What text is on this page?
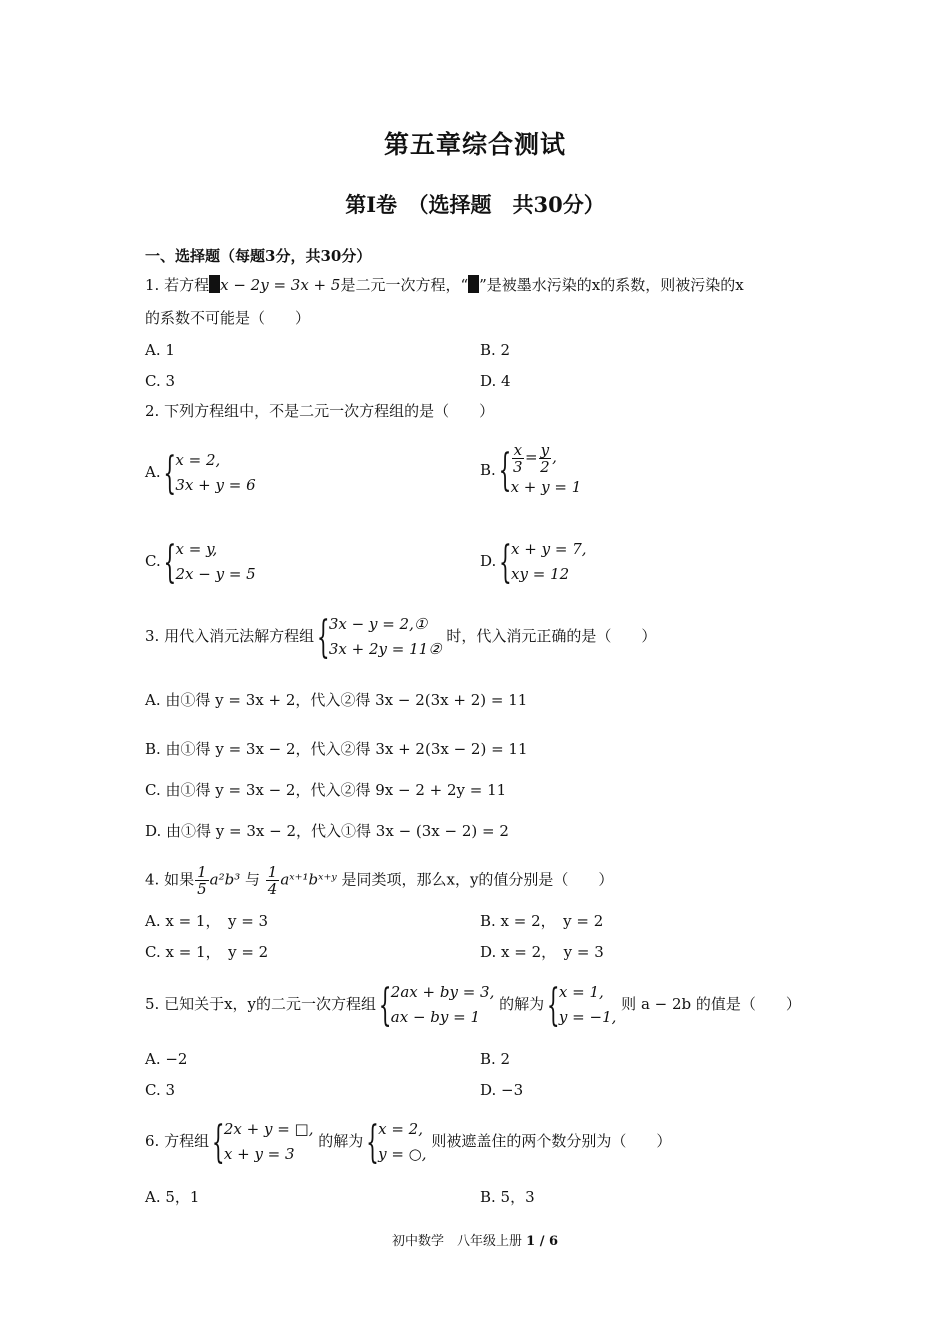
第五章综合测试
第Ⅰ卷　（选择题　共30分）
一、选择题（每题3分，共30分）
1. 若方程 x − 2y = 3x + 5是二元一次方程，“ ”是被墨水污染的x的系数，则被污染的x
的系数不可能是（　　）
A. 1	B. 2
C. 3	D. 4
2. 下列方程组中，不是二元一次方程组的是（　　）
A.
{ x = 2,
3x + y = 6
B.
{ $\frac{x}{3} = \frac{y}{2}$ ,
x + y = 1
C.
{ x = y,
2x − y = 5
D.
{ x + y = 7,
xy = 12
3. 用代入消元法解方程组
{ 3x − y = 2,①
3x + 2y = 11②
时，代入消元正确的是（　　）
A. 由①得 y = 3x + 2，代入②得 3x − 2(3x + 2) = 11
B. 由①得 y = 3x − 2，代入②得 3x + 2(3x − 2) = 11
C. 由①得 y = 3x − 2，代入②得 9x − 2 + 2y = 11
D. 由①得 y = 3x − 2，代入①得 3x − (3x − 2) = 2
4. 如果 $\frac{1}{5} a^2b^3$ 与 $\frac{1}{4}$ aˣ⁺¹bˣ⁺ʸ 是同类项，那么x，y的值分别是（　　）
A. x = 1，　y = 3	B. x = 2，　y = 2
C. x = 1，　y = 2	D. x = 2，　y = 3
5. 已知关于x，y的二元一次方程组
{ 2ax + by = 3,
ax − by = 1
的解为
{ x = 1,
y = −1,
则 a − 2b 的值是（　　）
A. −2	B. 2
C. 3	D. −3
6. 方程组
{ 2x + y = □,
x + y = 3
的解为
{ x = 2,
y = ○,
则被遮盖住的两个数分别为（　　）
A. 5，1	B. 5，3
初中数学　八年级上册 1 / 6
